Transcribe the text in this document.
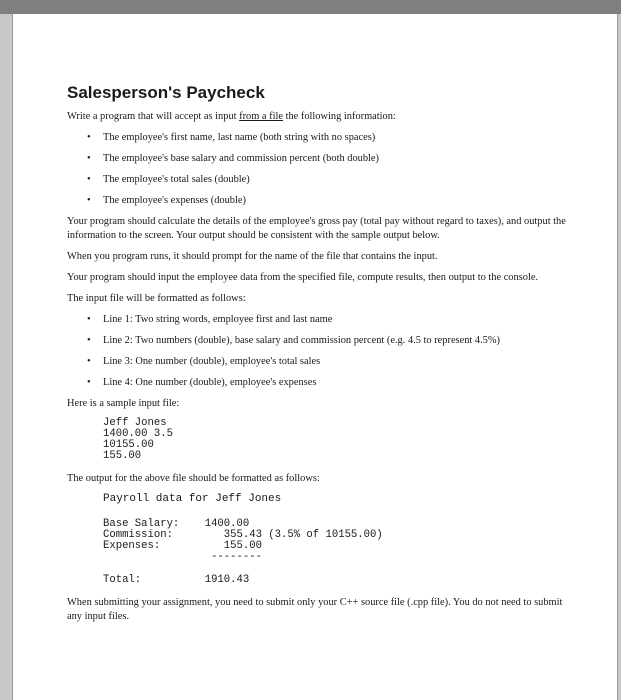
Salesperson's Paycheck

Write a program that will accept as input from a file the following information:

• The employee's first name, last name (both string with no spaces)
• The employee's base salary and commission percent (both double)
• The employee's total sales (double)
• The employee's expenses (double)

Your program should calculate the details of the employee's gross pay (total pay without regard to taxes), and output the information to the screen. Your output should be consistent with the sample output below.

When you program runs, it should prompt for the name of the file that contains the input.

Your program should input the employee data from the specified file, compute results, then output to the console.

The input file will be formatted as follows:

• Line 1: Two string words, employee first and last name
• Line 2: Two numbers (double), base salary and commission percent (e.g. 4.5 to represent 4.5%)
• Line 3: One number (double), employee's total sales
• Line 4: One number (double), employee's expenses

Here is a sample input file:

Jeff Jones
1400.00 3.5
10155.00
155.00

The output for the above file should be formatted as follows:

Payroll data for Jeff Jones
Base Salary:    1400.00
Commission:        355.43 (3.5% of 10155.00)
Expenses:          155.00
--------
Total:          1910.43

When submitting your assignment, you need to submit only your C++ source file (.cpp file). You do not need to submit any input files.
